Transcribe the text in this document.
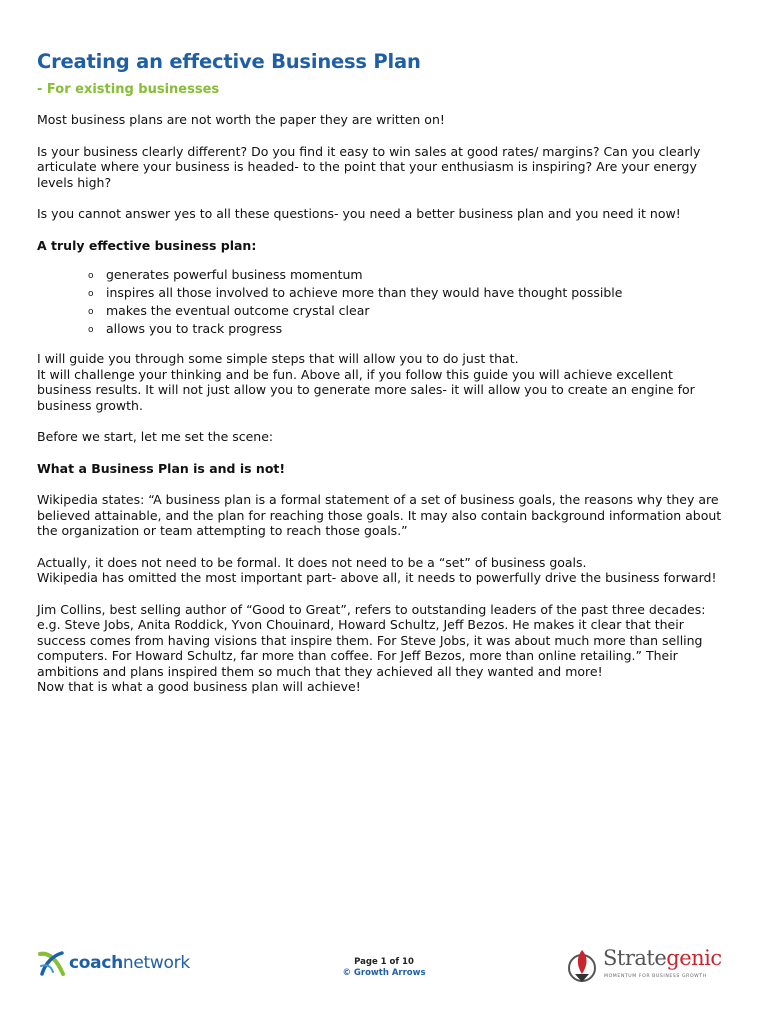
Creating an effective Business Plan
- For existing businesses

Most business plans are not worth the paper they are written on!

Is your business clearly different? Do you find it easy to win sales at good rates/ margins? Can you clearly articulate where your business is headed- to the point that your enthusiasm is inspiring? Are your energy levels high?

Is you cannot answer yes to all these questions- you need a better business plan and you need it now!

A truly effective business plan:

o generates powerful business momentum
o inspires all those involved to achieve more than they would have thought possible
o makes the eventual outcome crystal clear
o allows you to track progress

I will guide you through some simple steps that will allow you to do just that.

It will challenge your thinking and be fun. Above all, if you follow this guide you will achieve excellent business results. It will not just allow you to generate more sales- it will allow you to create an engine for business growth.

Before we start, let me set the scene:

What a Business Plan is and is not!

Wikipedia states: “A business plan is a formal statement of a set of business goals, the reasons why they are believed attainable, and the plan for reaching those goals. It may also contain background information about the organization or team attempting to reach those goals.”

Actually, it does not need to be formal. It does not need to be a “set” of business goals.

Wikipedia has omitted the most important part- above all, it needs to powerfully drive the business forward!

Jim Collins, best selling author of “Good to Great”, refers to outstanding leaders of the past three decades: e.g. Steve Jobs, Anita Roddick, Yvon Chouinard, Howard Schultz, Jeff Bezos. He makes it clear that their success comes from having visions that inspire them. For Steve Jobs, it was about much more than selling computers. For Howard Schultz, far more than coffee. For Jeff Bezos, more than online retailing.” Their ambitions and plans inspired them so much that they achieved all they wanted and more!

Now that is what a good business plan will achieve!

coachnetwork	Page 1 of 10
© Growth Arrows
Strategenic
MOMENTUM FOR BUSINESS GROWTH
